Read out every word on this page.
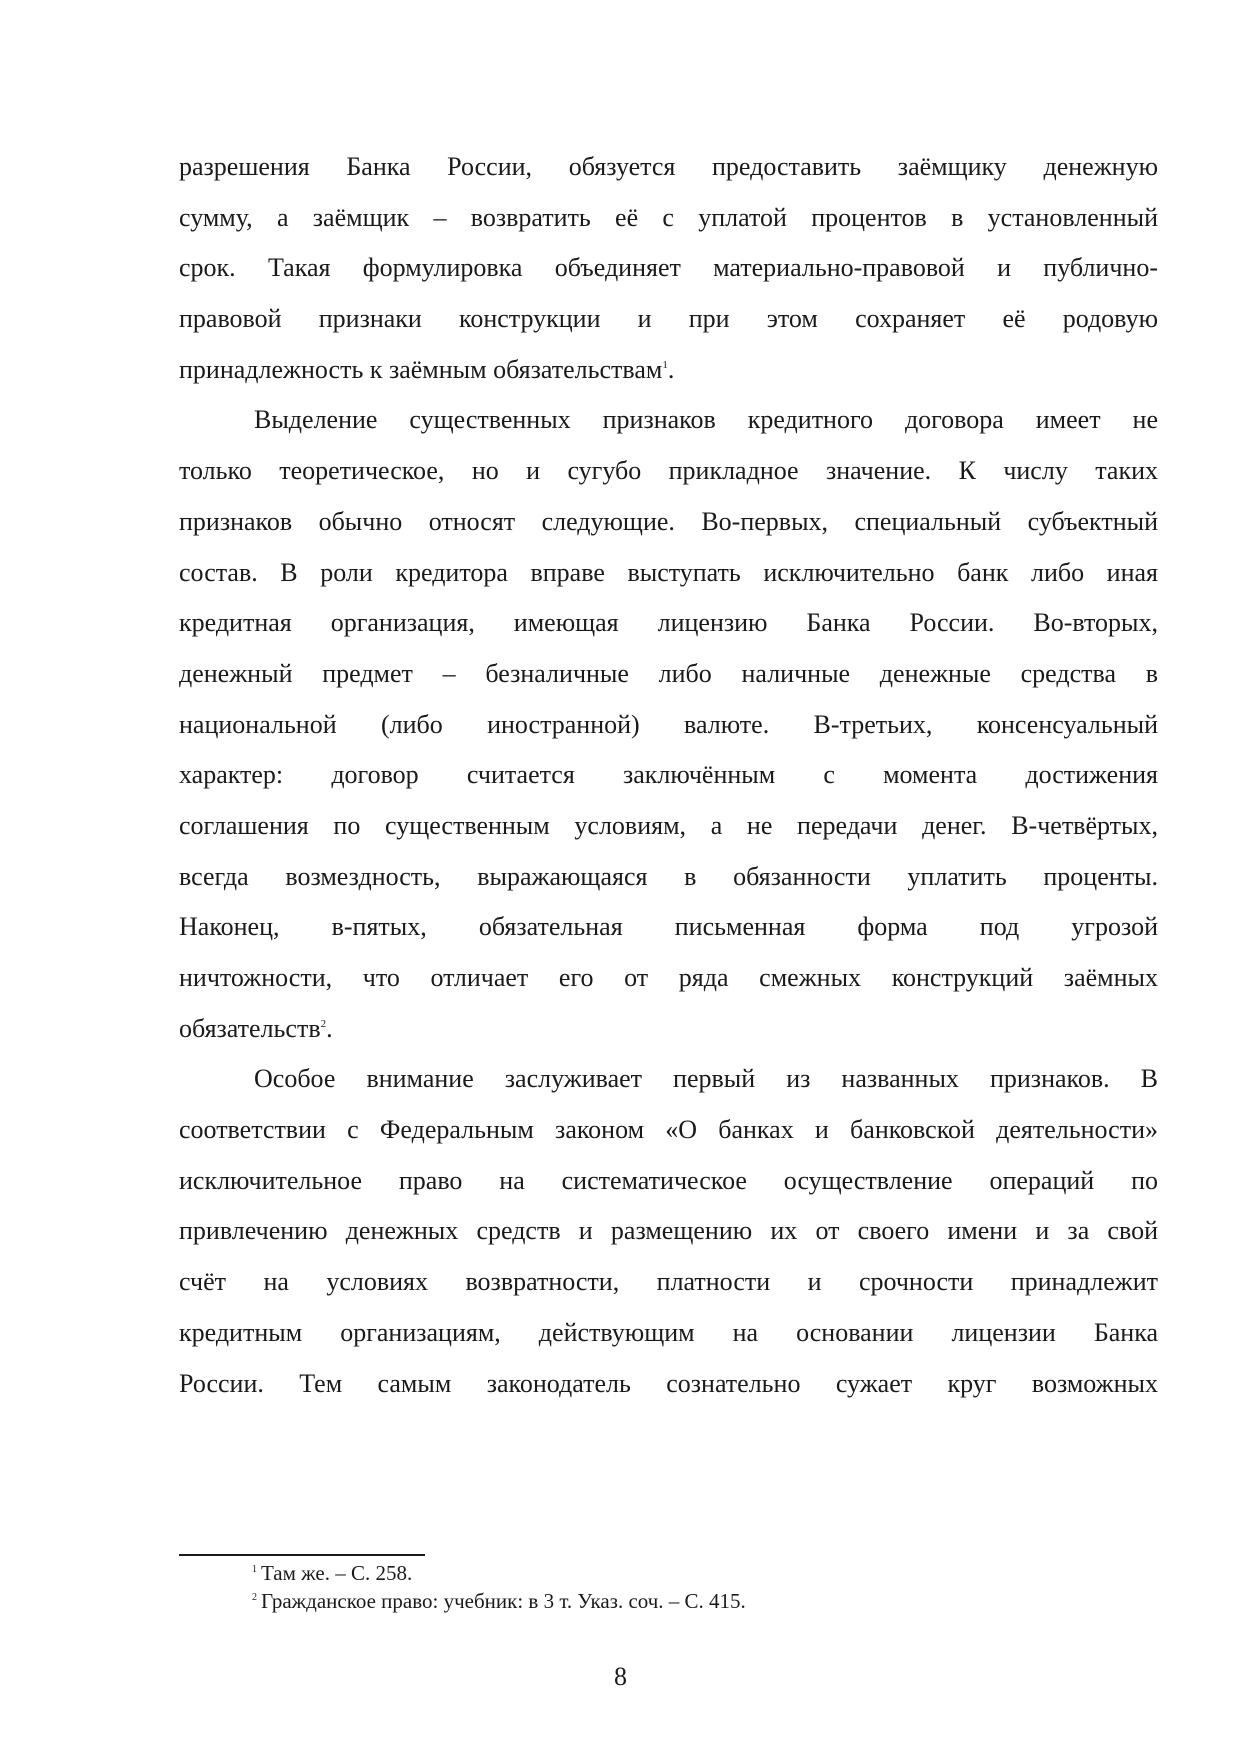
разрешения Банка России, обязуется предоставить заёмщику денежную
сумму, а заёмщик – возвратить её с уплатой процентов в установленный
срок. Такая формулировка объединяет материально-правовой и публично-
правовой признаки конструкции и при этом сохраняет её родовую
принадлежность к заёмным обязательствам$^1$.
Выделение существенных признаков кредитного договора имеет не
только теоретическое, но и сугубо прикладное значение. К числу таких
признаков обычно относят следующие. Во-первых, специальный субъектный
состав. В роли кредитора вправе выступать исключительно банк либо иная
кредитная организация, имеющая лицензию Банка России. Во-вторых,
денежный предмет – безналичные либо наличные денежные средства в
национальной (либо иностранной) валюте. В-третьих, консенсуальный
характер: договор считается заключённым с момента достижения
соглашения по существенным условиям, а не передачи денег. В-четвёртых,
всегда возмездность, выражающаяся в обязанности уплатить проценты.
Наконец, в-пятых, обязательная письменная форма под угрозой
ничтожности, что отличает его от ряда смежных конструкций заёмных
обязательств$^2$.
Особое внимание заслуживает первый из названных признаков. В
соответствии с Федеральным законом «О банках и банковской деятельности»
исключительное право на систематическое осуществление операций по
привлечению денежных средств и размещению их от своего имени и за свой
счёт на условиях возвратности, платности и срочности принадлежит
кредитным организациям, действующим на основании лицензии Банка
России. Тем самым законодатель сознательно сужает круг возможных
$^1$ Там же. – С. 258.
$^2$ Гражданское право: учебник: в 3 т. Указ. соч. – С. 415.
8
